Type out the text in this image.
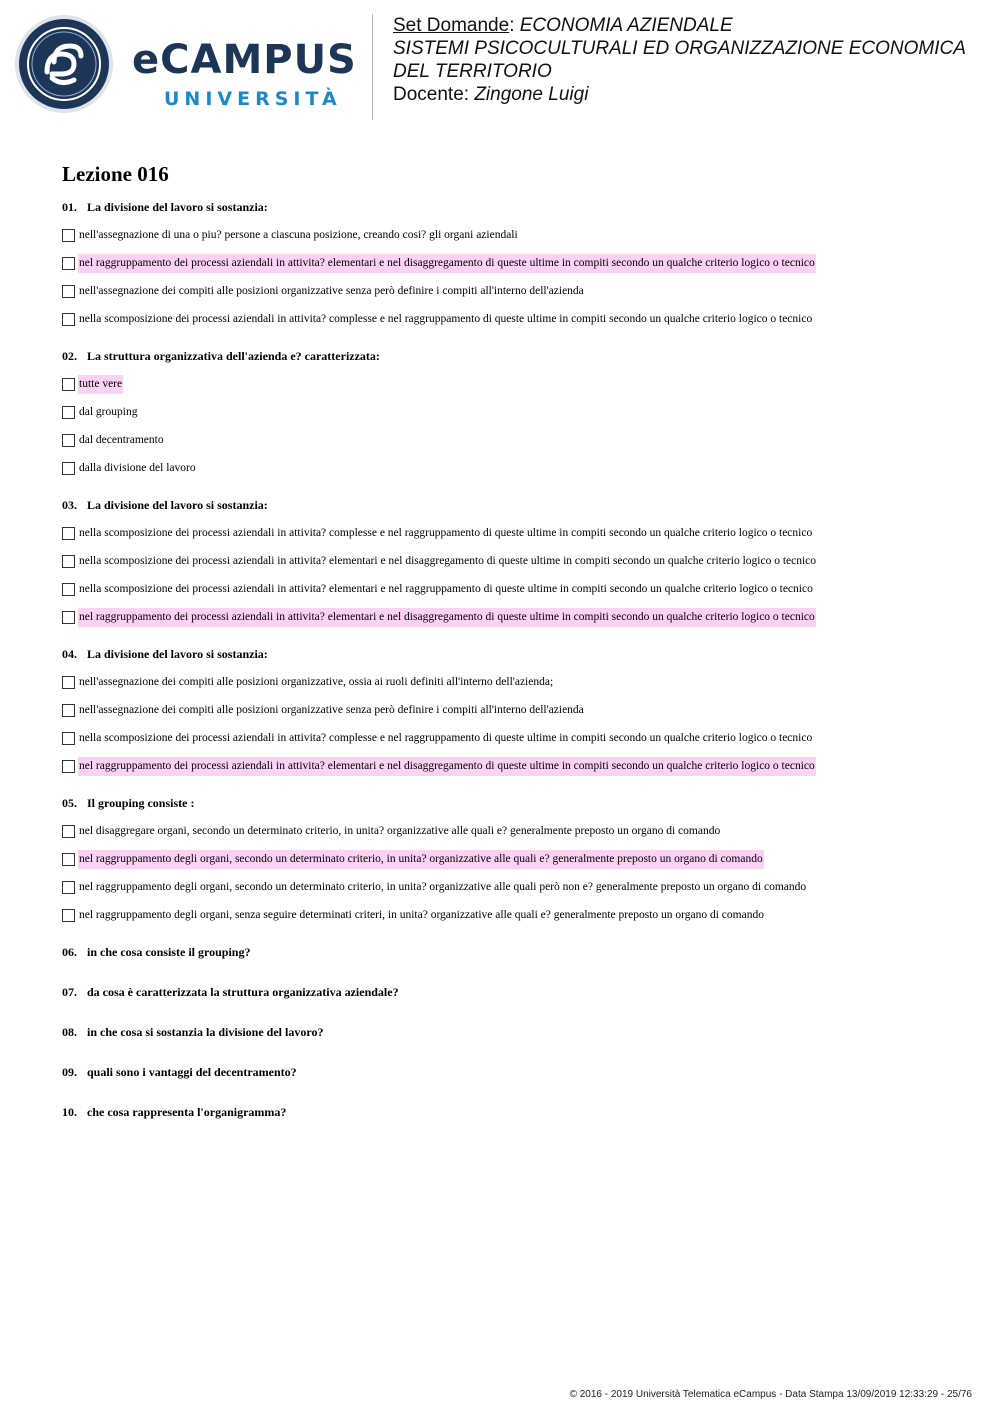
eCAMPUS
UNIVERSITÀ
Set Domande: ECONOMIA AZIENDALE
SISTEMI PSICOCULTURALI ED ORGANIZZAZIONE ECONOMICA DEL TERRITORIO
Docente: Zingone Luigi
Lezione 016
01. La divisione del lavoro si sostanzia:
nell'assegnazione di una o piu? persone a ciascuna posizione, creando cosi? gli organi aziendali
nel raggruppamento dei processi aziendali in attivita? elementari e nel disaggregamento di queste ultime in compiti secondo un qualche criterio logico o tecnico
nell'assegnazione dei compiti alle posizioni organizzative senza però definire i compiti all'interno dell'azienda
nella scomposizione dei processi aziendali in attivita? complesse e nel raggruppamento di queste ultime in compiti secondo un qualche criterio logico o tecnico
02. La struttura organizzativa dell'azienda e? caratterizzata:
tutte vere
dal grouping
dal decentramento
dalla divisione del lavoro
03. La divisione del lavoro si sostanzia:
nella scomposizione dei processi aziendali in attivita? complesse e nel raggruppamento di queste ultime in compiti secondo un qualche criterio logico o tecnico
nella scomposizione dei processi aziendali in attivita? elementari e nel disaggregamento di queste ultime in compiti secondo un qualche criterio logico o tecnico
nella scomposizione dei processi aziendali in attivita? elementari e nel raggruppamento di queste ultime in compiti secondo un qualche criterio logico o tecnico
nel raggruppamento dei processi aziendali in attivita? elementari e nel disaggregamento di queste ultime in compiti secondo un qualche criterio logico o tecnico
04. La divisione del lavoro si sostanzia:
nell'assegnazione dei compiti alle posizioni organizzative, ossia ai ruoli definiti all'interno dell'azienda;
nell'assegnazione dei compiti alle posizioni organizzative senza però definire i compiti all'interno dell'azienda
nella scomposizione dei processi aziendali in attivita? complesse e nel raggruppamento di queste ultime in compiti secondo un qualche criterio logico o tecnico
nel raggruppamento dei processi aziendali in attivita? elementari e nel disaggregamento di queste ultime in compiti secondo un qualche criterio logico o tecnico
05. Il grouping consiste :
nel disaggregare organi, secondo un determinato criterio, in unita? organizzative alle quali e? generalmente preposto un organo di comando
nel raggruppamento degli organi, secondo un determinato criterio, in unita? organizzative alle quali e? generalmente preposto un organo di comando
nel raggruppamento degli organi, secondo un determinato criterio, in unita? organizzative alle quali però non e? generalmente preposto un organo di comando
nel raggruppamento degli organi, senza seguire determinati criteri, in unita? organizzative alle quali e? generalmente preposto un organo di comando
06. in che cosa consiste il grouping?
07. da cosa è caratterizzata la struttura organizzativa aziendale?
08. in che cosa si sostanzia la divisione del lavoro?
09. quali sono i vantaggi del decentramento?
10. che cosa rappresenta l'organigramma?
© 2016 - 2019 Università Telematica eCampus - Data Stampa 13/09/2019 12:33:29 - 25/76
